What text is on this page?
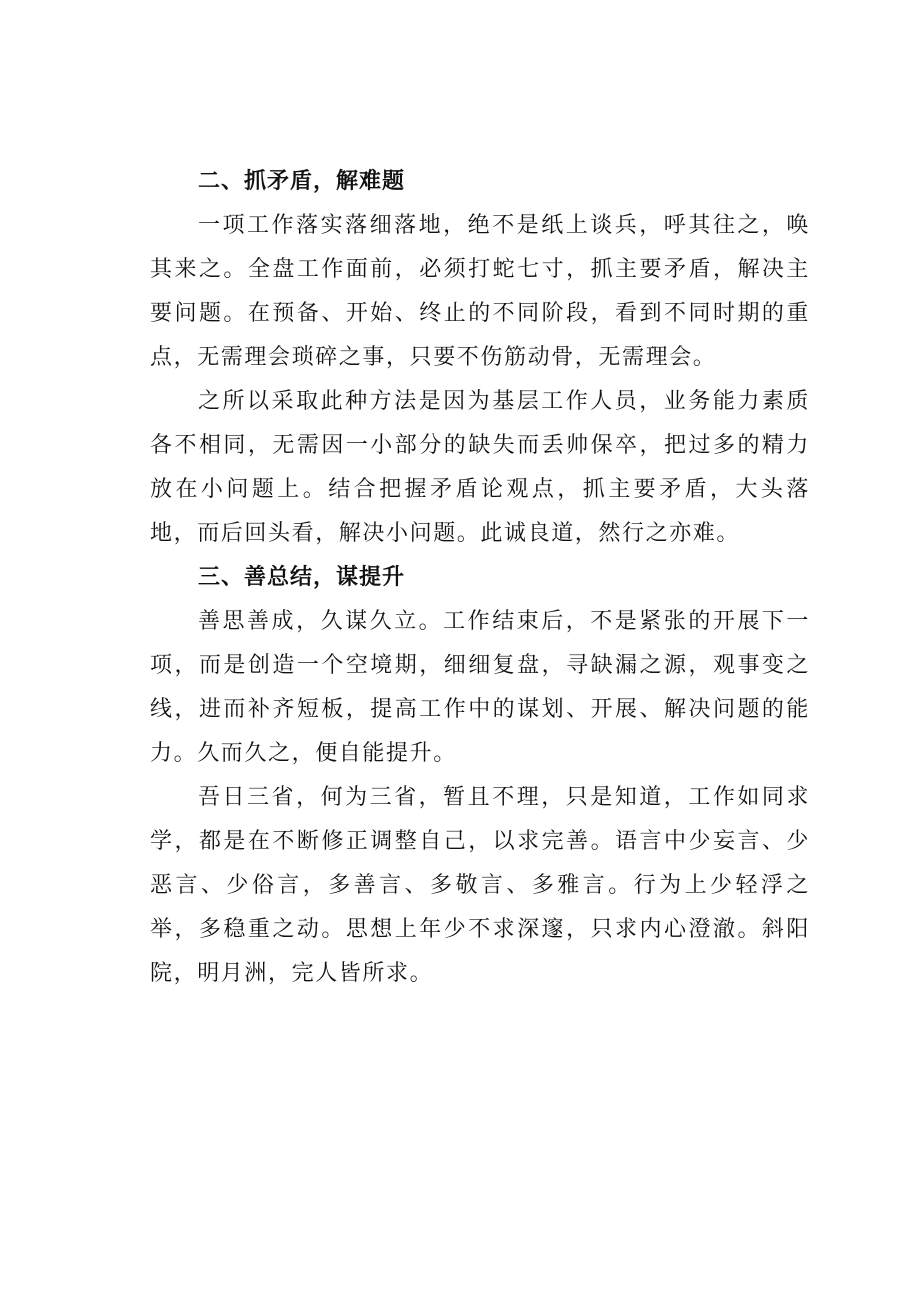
二、抓矛盾，解难题

一项工作落实落细落地，绝不是纸上谈兵，呼其往之，唤其来之。全盘工作面前，必须打蛇七寸，抓主要矛盾，解决主要问题。在预备、开始、终止的不同阶段，看到不同时期的重点，无需理会琐碎之事，只要不伤筋动骨，无需理会。

之所以采取此种方法是因为基层工作人员，业务能力素质各不相同，无需因一小部分的缺失而丢帅保卒，把过多的精力放在小问题上。结合把握矛盾论观点，抓主要矛盾，大头落地，而后回头看，解决小问题。此诚良道，然行之亦难。

三、善总结，谋提升

善思善成，久谋久立。工作结束后，不是紧张的开展下一项，而是创造一个空境期，细细复盘，寻缺漏之源，观事变之线，进而补齐短板，提高工作中的谋划、开展、解决问题的能力。久而久之，便自能提升。

吾日三省，何为三省，暂且不理，只是知道，工作如同求学，都是在不断修正调整自己，以求完善。语言中少妄言、少恶言、少俗言，多善言、多敬言、多雅言。行为上少轻浮之举，多稳重之动。思想上年少不求深邃，只求内心澄澈。斜阳院，明月洲，完人皆所求。
